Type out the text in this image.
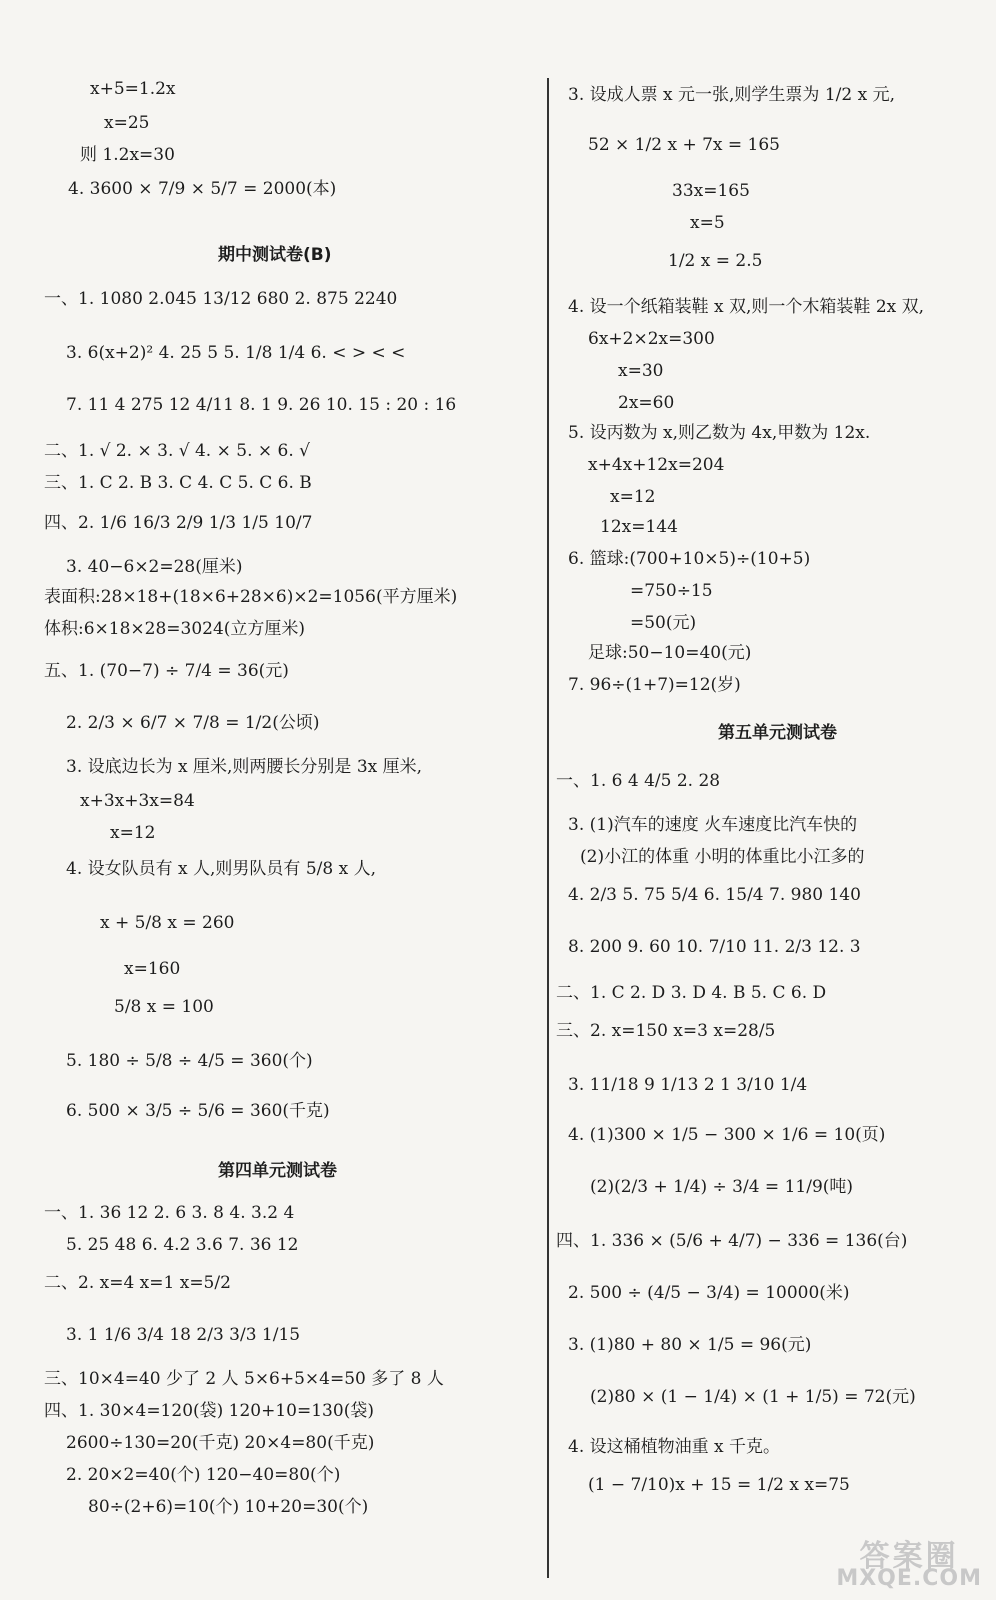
x+5=1.2x
x=25
则 1.2x=30
4. 3600 × 7/9 × 5/7 = 2000(本)
期中测试卷(B)
一、1. 1080 2.045 13/12 680 2. 875 2240
3. 6(x+2)² 4. 25 5 5. 1/8 1/4 6. < > < <
7. 11 4 275 12 4/11 8. 1 9. 26 10. 15 : 20 : 16
二、1. √ 2. × 3. √ 4. × 5. × 6. √
三、1. C 2. B 3. C 4. C 5. C 6. B
四、2. 1/6 16/3 2/9 1/3 1/5 10/7
3. 40−6×2=28(厘米)
表面积:28×18+(18×6+28×6)×2=1056(平方厘米)
体积:6×18×28=3024(立方厘米)
五、1. (70−7) ÷ 7/4 = 36(元)
2. 2/3 × 6/7 × 7/8 = 1/2(公顷)
3. 设底边长为 x 厘米,则两腰长分别是 3x 厘米,
x+3x+3x=84
x=12
4. 设女队员有 x 人,则男队员有 5/8 x 人,
x + 5/8 x = 260
x=160
5/8 x = 100
5. 180 ÷ 5/8 ÷ 4/5 = 360(个)
6. 500 × 3/5 ÷ 5/6 = 360(千克)
第四单元测试卷
一、1. 36 12 2. 6 3. 8 4. 3.2 4
5. 25 48 6. 4.2 3.6 7. 36 12
二、2. x=4 x=1 x=5/2
3. 1 1/6 3/4 18 2/3 3/3 1/15
三、10×4=40 少了 2 人 5×6+5×4=50 多了 8 人
四、1. 30×4=120(袋) 120+10=130(袋)
2600÷130=20(千克) 20×4=80(千克)
2. 20×2=40(个) 120−40=80(个)
80÷(2+6)=10(个) 10+20=30(个)
3. 设成人票 x 元一张,则学生票为 1/2 x 元,
52 × 1/2 x + 7x = 165
33x=165
x=5
1/2 x = 2.5
4. 设一个纸箱装鞋 x 双,则一个木箱装鞋 2x 双,
6x+2×2x=300
x=30
2x=60
5. 设丙数为 x,则乙数为 4x,甲数为 12x.
x+4x+12x=204
x=12
12x=144
6. 篮球:(700+10×5)÷(10+5)
=750÷15
=50(元)
足球:50−10=40(元)
7. 96÷(1+7)=12(岁)
第五单元测试卷
一、1. 6 4 4/5 2. 28
3. (1)汽车的速度 火车速度比汽车快的
(2)小江的体重 小明的体重比小江多的
4. 2/3 5. 75 5/4 6. 15/4 7. 980 140
8. 200 9. 60 10. 7/10 11. 2/3 12. 3
二、1. C 2. D 3. D 4. B 5. C 6. D
三、2. x=150 x=3 x=28/5
3. 11/18 9 1/13 2 1 3/10 1/4
4. (1)300 × 1/5 − 300 × 1/6 = 10(页)
(2)(2/3 + 1/4) ÷ 3/4 = 11/9(吨)
四、1. 336 × (5/6 + 4/7) − 336 = 136(台)
2. 500 ÷ (4/5 − 3/4) = 10000(米)
3. (1)80 + 80 × 1/5 = 96(元)
(2)80 × (1 − 1/4) × (1 + 1/5) = 72(元)
4. 设这桶植物油重 x 千克。
(1 − 7/10)x + 15 = 1/2 x x=75
答案圈
MXQE.COM
